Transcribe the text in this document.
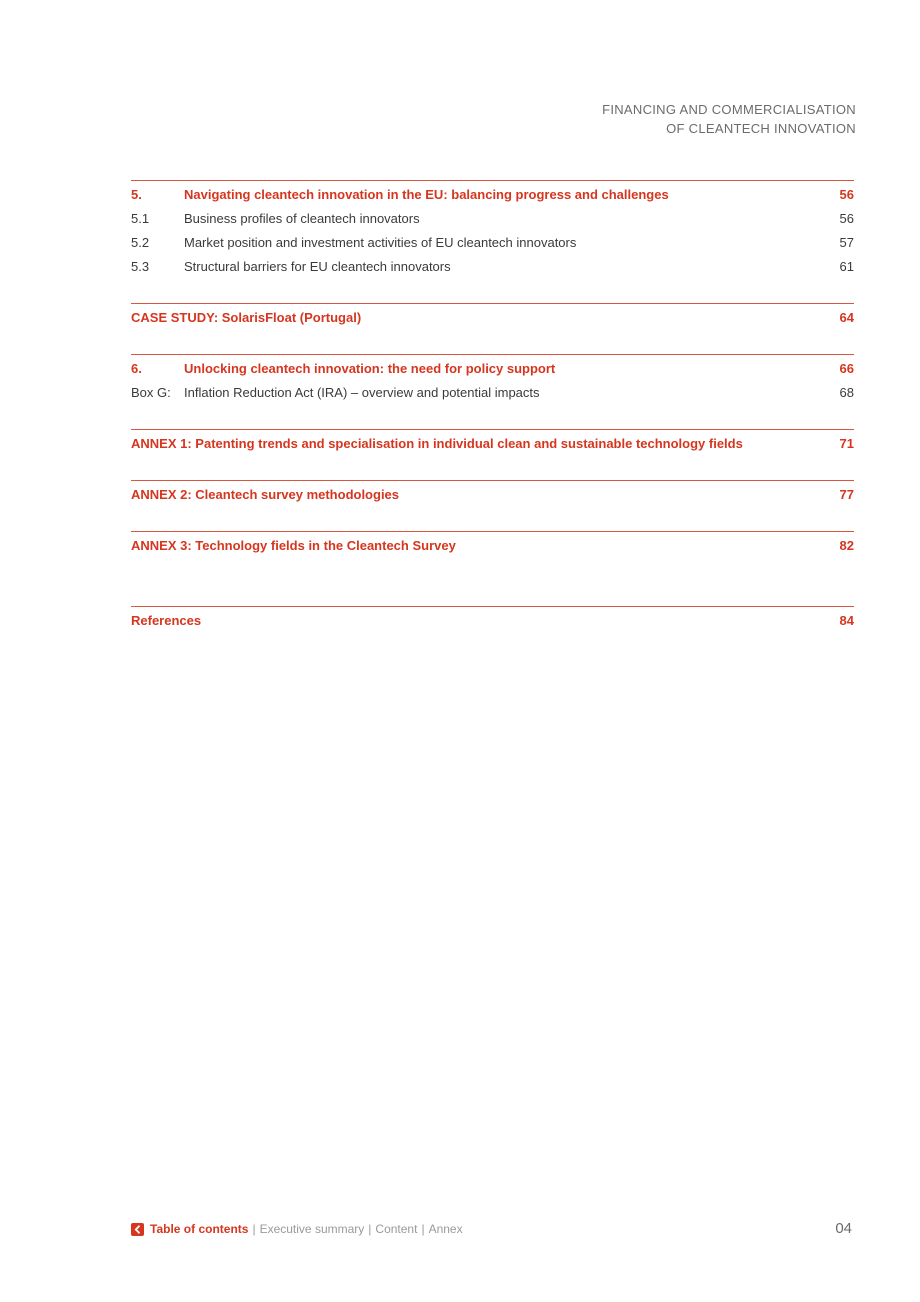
FINANCING AND COMMERCIALISATION
OF CLEANTECH INNOVATION
5.	Navigating cleantech innovation in the EU: balancing progress and challenges	56
5.1	Business profiles of cleantech innovators	56
5.2	Market position and investment activities of EU cleantech innovators	57
5.3	Structural barriers for EU cleantech innovators	61
CASE STUDY: SolarisFloat (Portugal)	64
6.	Unlocking cleantech innovation: the need for policy support	66
Box G:	Inflation Reduction Act (IRA) – overview and potential impacts	68
ANNEX 1: Patenting trends and specialisation in individual clean and sustainable technology fields	71
ANNEX 2: Cleantech survey methodologies	77
ANNEX 3: Technology fields in the Cleantech Survey	82
References	84
Table of contents | Executive summary | Content | Annex	04
